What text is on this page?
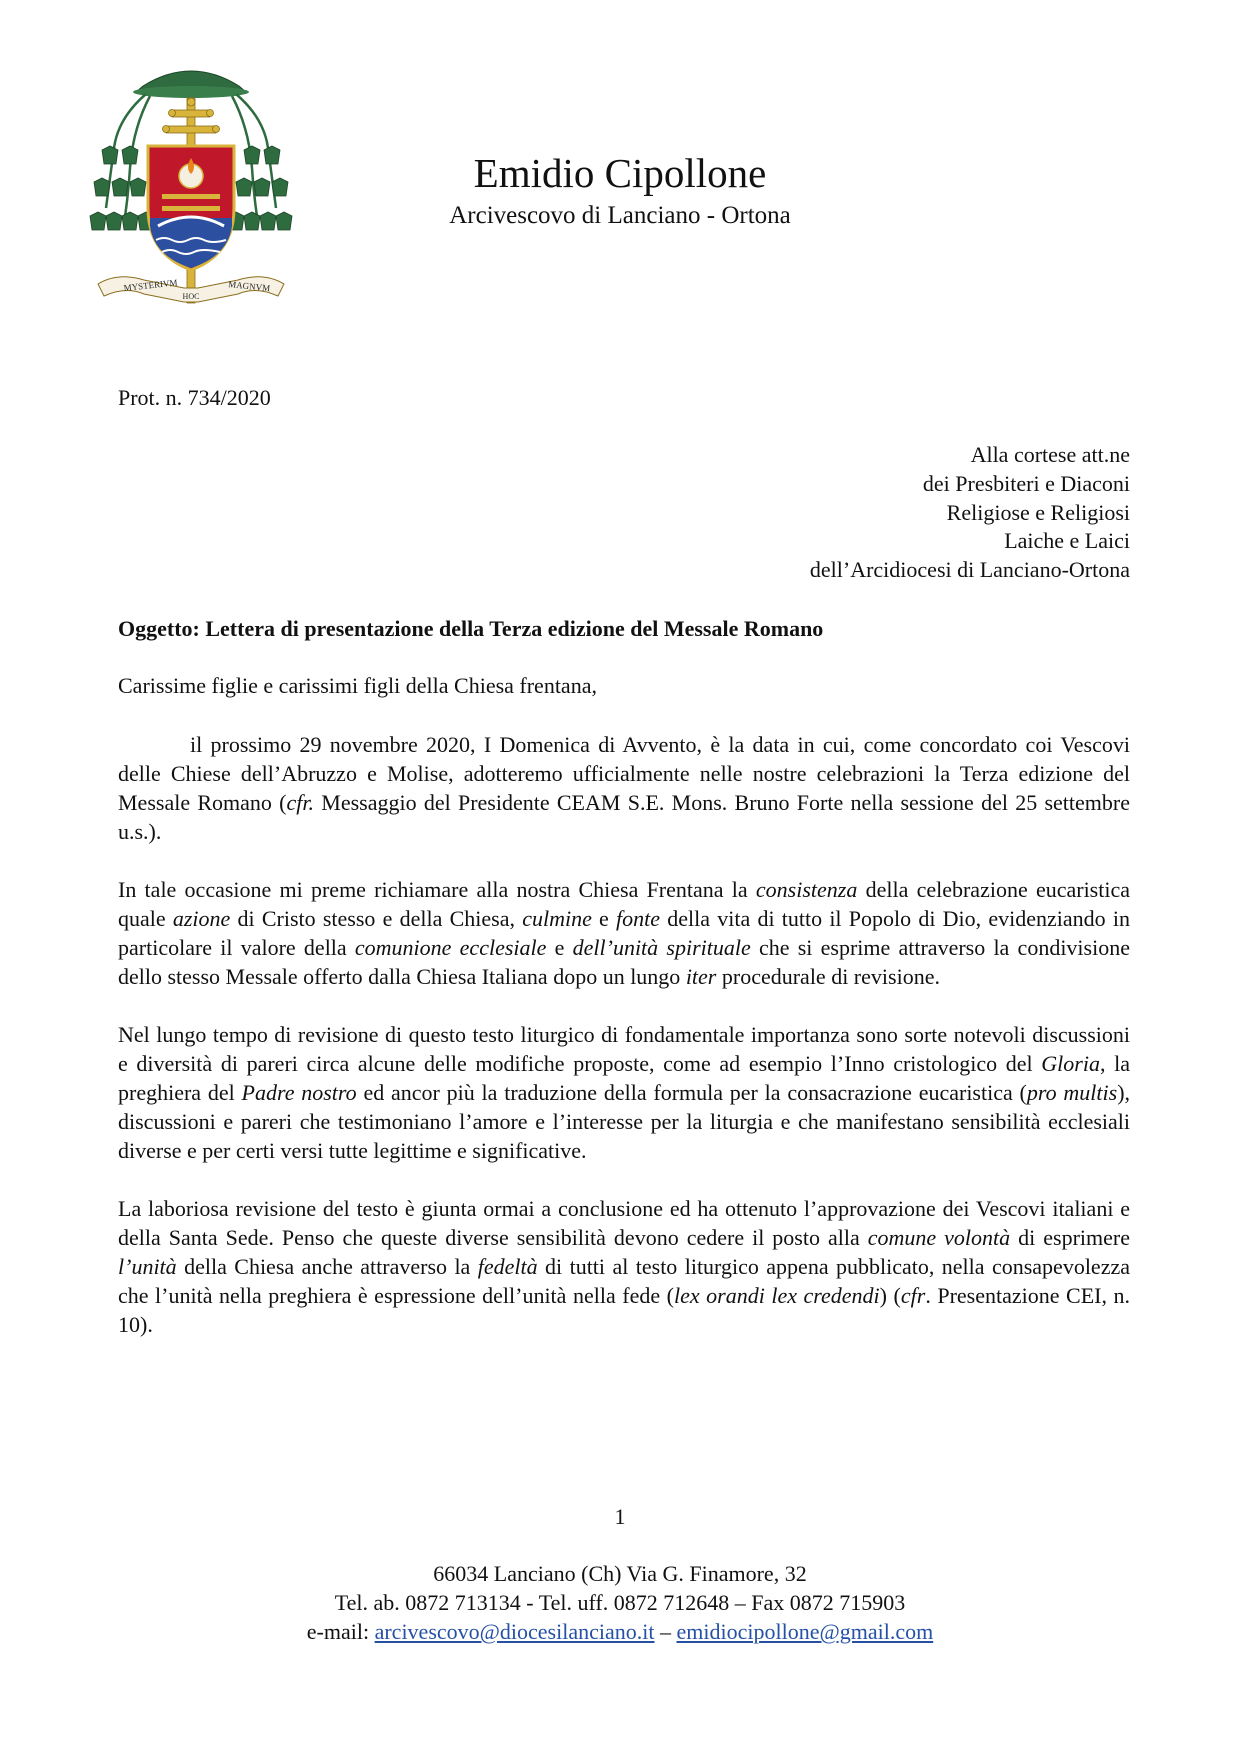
MYSTERIVM
HOC
MAGNVM
Emidio Cipollone
Arcivescovo di Lanciano - Ortona
Prot. n. 734/2020
Alla cortese att.ne
dei Presbiteri e Diaconi
Religiose e Religiosi
Laiche e Laici
dell’Arcidiocesi di Lanciano-Ortona
Oggetto: Lettera di presentazione della Terza edizione del Messale Romano
Carissime figlie e carissimi figli della Chiesa frentana,

il prossimo 29 novembre 2020, I Domenica di Avvento, è la data in cui, come concordato coi Vescovi delle Chiese dell’Abruzzo e Molise, adotteremo ufficialmente nelle nostre celebrazioni la Terza edizione del Messale Romano (cfr. Messaggio del Presidente CEAM S.E. Mons. Bruno Forte nella sessione del 25 settembre u.s.).

In tale occasione mi preme richiamare alla nostra Chiesa Frentana la consistenza della celebrazione eucaristica quale azione di Cristo stesso e della Chiesa, culmine e fonte della vita di tutto il Popolo di Dio, evidenziando in particolare il valore della comunione ecclesiale e dell’unità spirituale che si esprime attraverso la condivisione dello stesso Messale offerto dalla Chiesa Italiana dopo un lungo iter procedurale di revisione.

Nel lungo tempo di revisione di questo testo liturgico di fondamentale importanza sono sorte notevoli discussioni e diversità di pareri circa alcune delle modifiche proposte, come ad esempio l’Inno cristologico del Gloria, la preghiera del Padre nostro ed ancor più la traduzione della formula per la consacrazione eucaristica (pro multis), discussioni e pareri che testimoniano l’amore e l’interesse per la liturgia e che manifestano sensibilità ecclesiali diverse e per certi versi tutte legittime e significative.

La laboriosa revisione del testo è giunta ormai a conclusione ed ha ottenuto l’approvazione dei Vescovi italiani e della Santa Sede. Penso che queste diverse sensibilità devono cedere il posto alla comune volontà di esprimere l’unità della Chiesa anche attraverso la fedeltà di tutti al testo liturgico appena pubblicato, nella consapevolezza che l’unità nella preghiera è espressione dell’unità nella fede (lex orandi lex credendi) (cfr. Presentazione CEI, n. 10).

1
66034 Lanciano (Ch) Via G. Finamore, 32
Tel. ab. 0872 713134 - Tel. uff. 0872 712648 – Fax 0872 715903
e-mail: arcivescovo@diocesilanciano.it – emidiocipollone@gmail.com
